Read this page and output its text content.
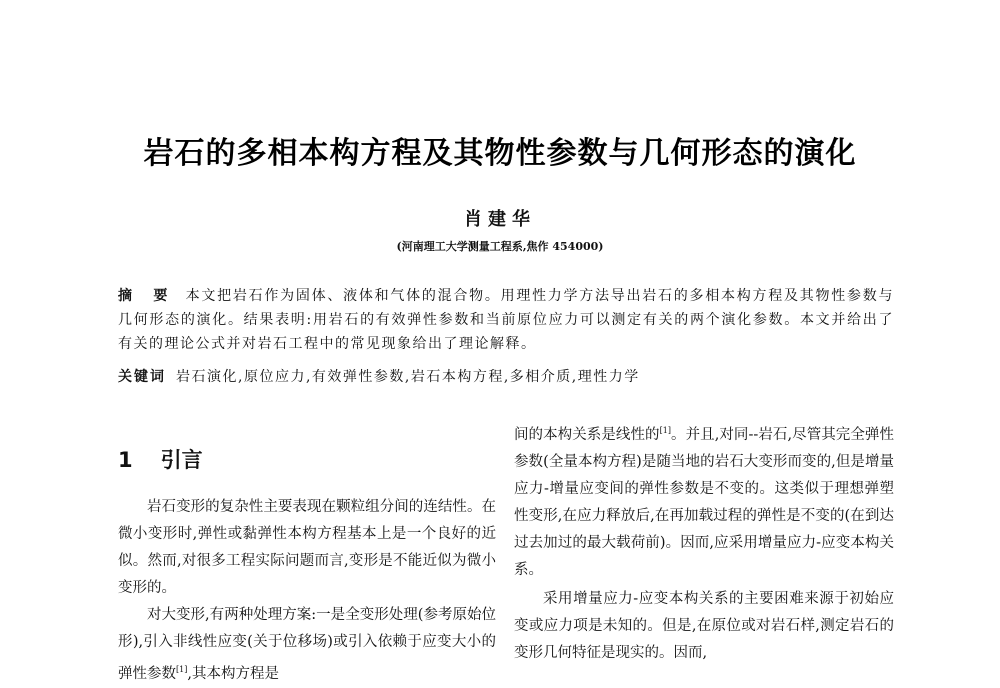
岩石的多相本构方程及其物性参数与几何形态的演化
肖建华
(河南理工大学测量工程系,焦作 454000)
摘 要 本文把岩石作为固体、液体和气体的混合物。用理性力学方法导出岩石的多相本构方程及其物性参数与几何形态的演化。结果表明:用岩石的有效弹性参数和当前原位应力可以测定有关的两个演化参数。本文并给出了有关的理论公式并对岩石工程中的常见现象给出了理论解释。
关键词 岩石演化,原位应力,有效弹性参数,岩石本构方程,多相介质,理性力学
1 引言

岩石变形的复杂性主要表现在颗粒组分间的连结性。在微小变形时,弹性或黏弹性本构方程基本上是一个良好的近似。然而,对很多工程实际问题而言,变形是不能近似为微小变形的。

对大变形,有两种处理方案:一是全变形处理(参考原始位形),引入非线性应变(关于位移场)或引入依赖于应变大小的弹性参数[1],其本构方程是

间的本构关系是线性的[1]。并且,对同--岩石,尽管其完全弹性参数(全量本构方程)是随当地的岩石大变形而变的,但是增量应力-增量应变间的弹性参数是不变的。这类似于理想弹塑性变形,在应力释放后,在再加载过程的弹性是不变的(在到达过去加过的最大载荷前)。因而,应采用增量应力-应变本构关系。

采用增量应力-应变本构关系的主要困难来源于初始应变或应力项是未知的。但是,在原位或对岩石样,测定岩石的变形几何特征是现实的。因而,
